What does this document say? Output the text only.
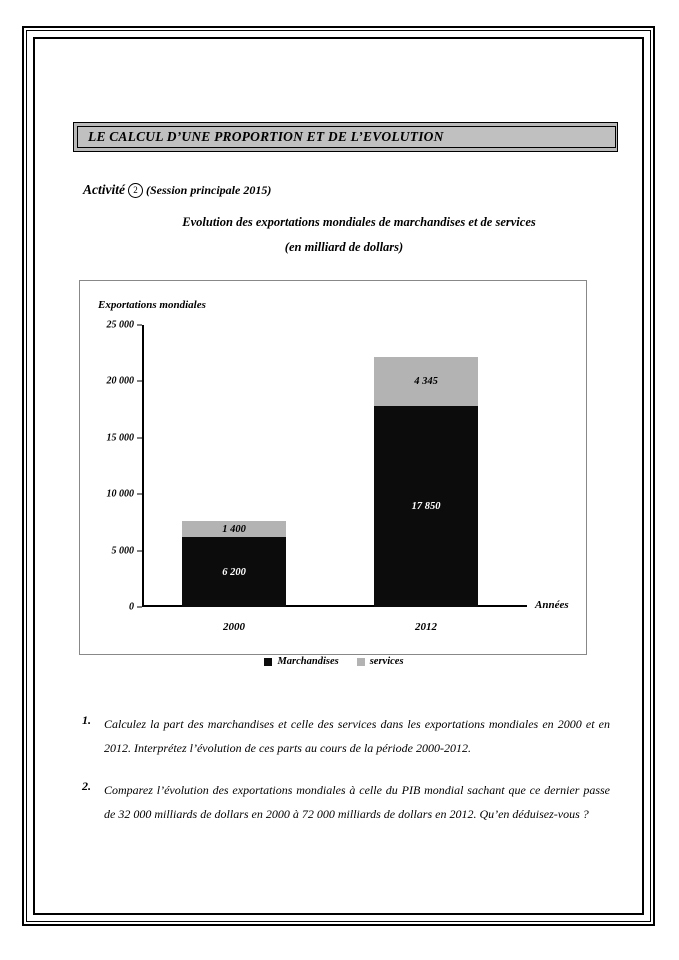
LE CALCUL D’UNE PROPORTION ET DE L’EVOLUTION
Activité 2 (Session principale 2015)
Evolution des exportations mondiales de marchandises et de services
(en milliard de dollars)
Exportations mondiales
0
5 000
10 000
15 000
20 000
25 000
1 400
6 200
4 345
17 850
2000	2012
Années
Marchandises	services
1.	Calculez la part des marchandises et celle des services dans les exportations mondiales en 2000 et en 2012. Interprétez l’évolution de ces parts au cours de la période 2000-2012.
2.	Comparez l’évolution des exportations mondiales à celle du PIB mondial sachant que ce dernier passe de 32 000 milliards de dollars en 2000 à 72 000 milliards de dollars en 2012. Qu’en déduisez-vous ?
